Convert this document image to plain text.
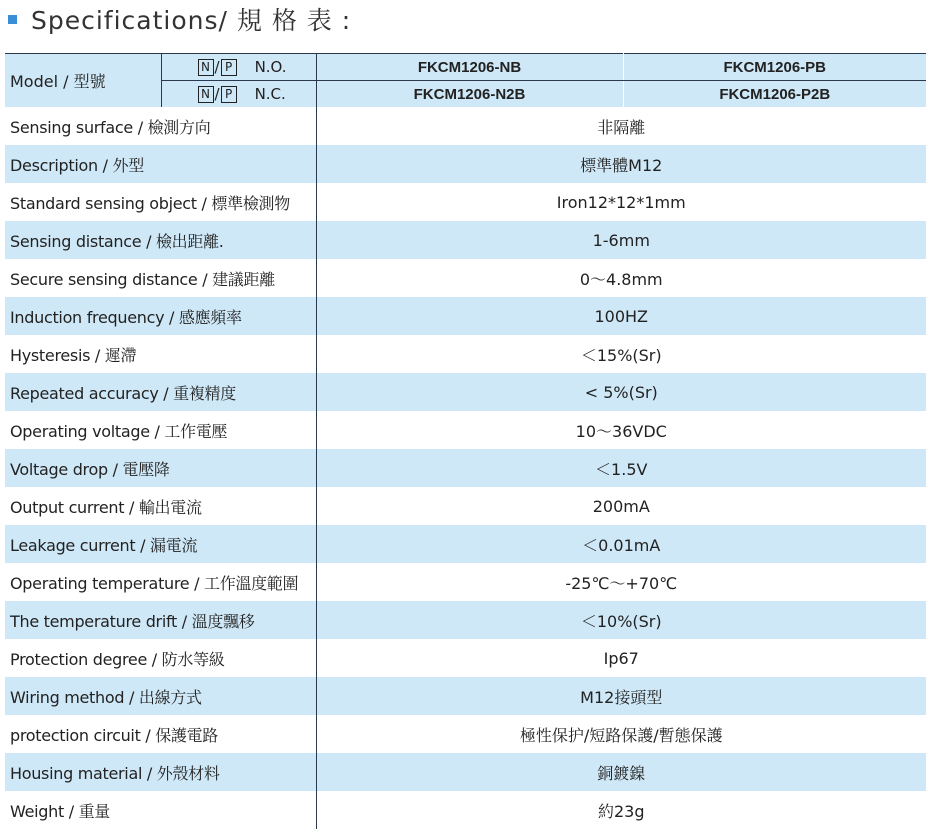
Specifications/ 規 格 表 :
Model / 型號	N / P N.O.	FKCM1206-NB	FKCM1206-PB

	N / P N.C.	FKCM1206-N2B	FKCM1206-P2B
Sensing surface / 檢測方向		非隔離	
Description / 外型		標準體M12	
Standard sensing object / 標準檢測物		Iron12*12*1mm	
Sensing distance / 檢出距離.		1-6mm	
Secure sensing distance / 建議距離		0～4.8mm	
Induction frequency / 感應頻率		100HZ	
Hysteresis / 遲滯		＜15%(Sr)	
Repeated accuracy / 重複精度		< 5%(Sr)	
Operating voltage / 工作電壓		10～36VDC	
Voltage drop / 電壓降		＜1.5V	
Output current / 輸出電流		200mA	
Leakage current / 漏電流		＜0.01mA	
Operating temperature / 工作溫度範圍		-25℃～+70℃	
The temperature drift / 溫度飄移		＜10%(Sr)	
Protection degree / 防水等級		Ip67	
Wiring method / 出線方式		M12接頭型	
protection circuit / 保護電路		極性保护/短路保護/暫態保護	
Housing material / 外殼材料		銅鍍鎳	
Weight / 重量		約23g	
